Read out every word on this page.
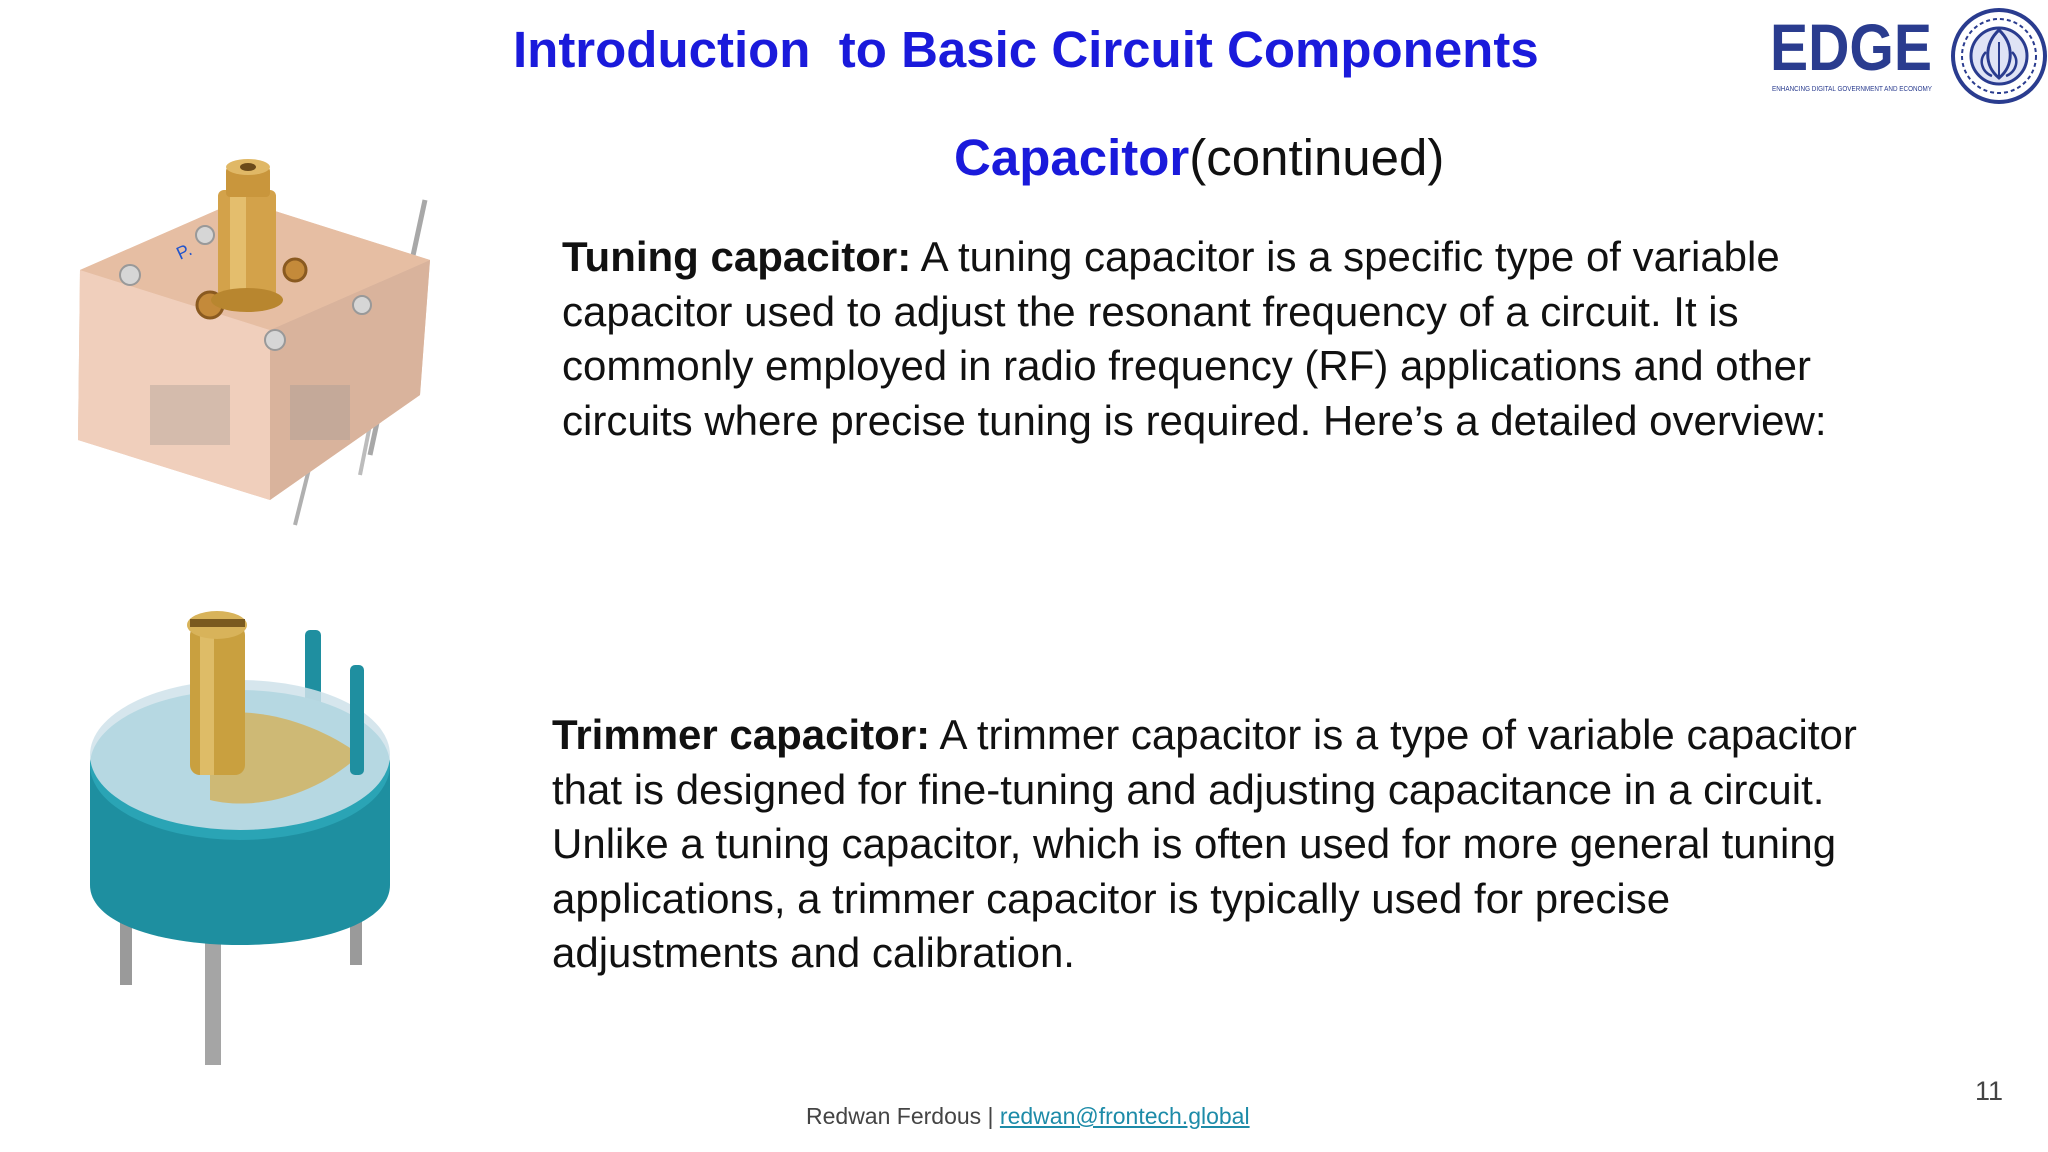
Introduction  to Basic Circuit Components
Capacitor(continued)
EDGE
ENHANCING DIGITAL GOVERNMENT AND ECONOMY
P.	Tuning capacitor: A tuning capacitor is a specific type of variable capacitor used to adjust the resonant frequency of a circuit. It is commonly employed in radio frequency (RF) applications and other circuits where precise tuning is required. Here’s a detailed overview:
Trimmer capacitor: A trimmer capacitor is a type of variable capacitor that is designed for fine-tuning and adjusting capacitance in a circuit. Unlike a tuning capacitor, which is often used for more general tuning applications, a trimmer capacitor is typically used for precise adjustments and calibration.
Redwan Ferdous | redwan@frontech.global
11
